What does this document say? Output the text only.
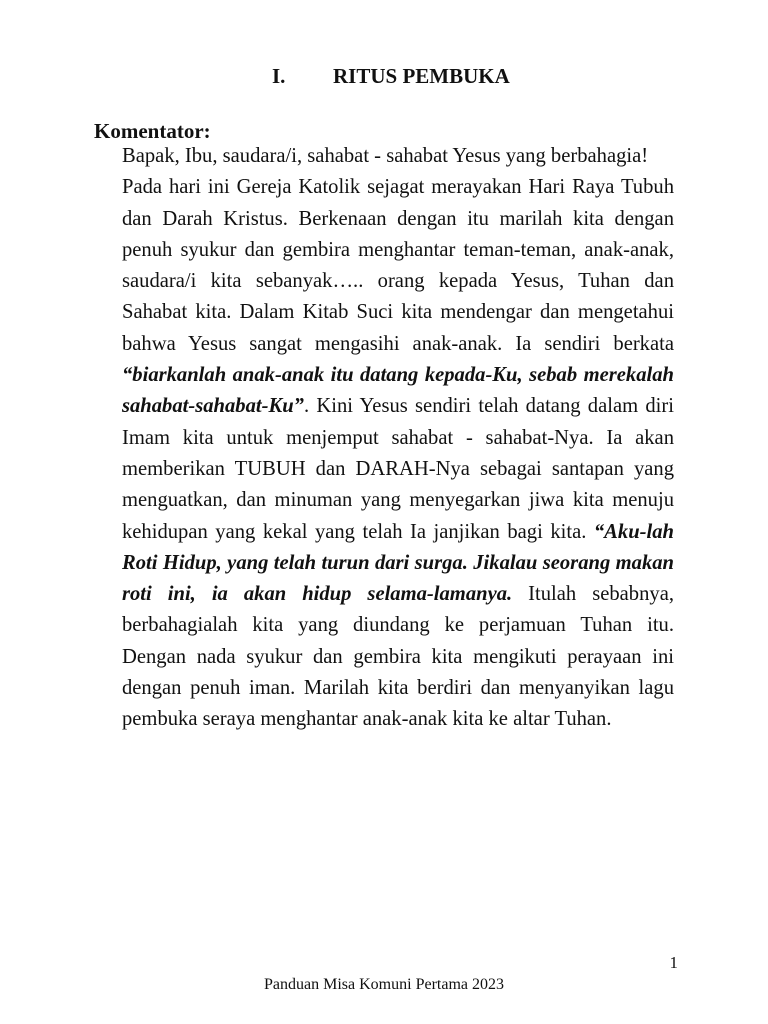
I. RITUS PEMBUKA
Komentator:

Bapak, Ibu, saudara/i, sahabat - sahabat Yesus yang berbahagia!

Pada hari ini Gereja Katolik sejagat merayakan Hari Raya Tubuh dan Darah Kristus. Berkenaan dengan itu marilah kita dengan penuh syukur dan gembira menghantar teman-teman, anak-anak, saudara/i kita sebanyak….. orang kepada Yesus, Tuhan dan Sahabat kita. Dalam Kitab Suci kita mendengar dan mengetahui bahwa Yesus sangat mengasihi anak-anak. Ia sendiri berkata “biarkanlah anak-anak itu datang kepada-Ku, sebab merekalah sahabat-sahabat-Ku”. Kini Yesus sendiri telah datang dalam diri Imam kita untuk menjemput sahabat - sahabat-Nya. Ia akan memberikan TUBUH dan DARAH-Nya sebagai santapan yang menguatkan, dan minuman yang menyegarkan jiwa kita menuju kehidupan yang kekal yang telah Ia janjikan bagi kita. “Aku-lah Roti Hidup, yang telah turun dari surga. Jikalau seorang makan roti ini, ia akan hidup selama-lamanya. Itulah sebabnya, berbahagialah kita yang diundang ke perjamuan Tuhan itu. Dengan nada syukur dan gembira kita mengikuti perayaan ini dengan penuh iman. Marilah kita berdiri dan menyanyikan lagu pembuka seraya menghantar anak-anak kita ke altar Tuhan.

1
Panduan Misa Komuni Pertama 2023
